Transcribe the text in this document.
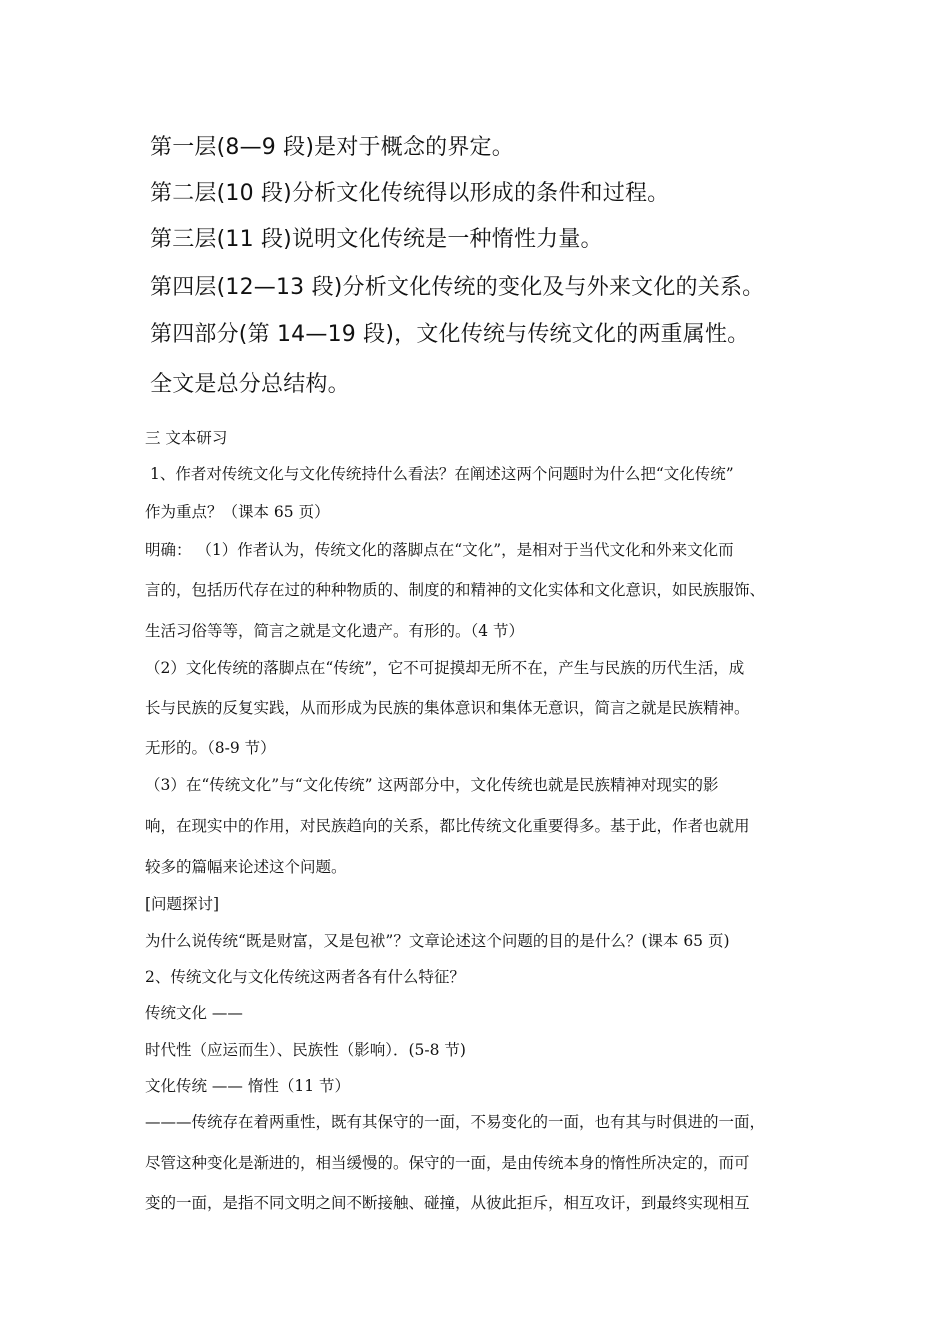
第一层(8—9 段)是对于概念的界定。
第二层(10 段)分析文化传统得以形成的条件和过程。
第三层(11 段)说明文化传统是一种惰性力量。
第四层(12—13 段)分析文化传统的变化及与外来文化的关系。
第四部分(第 14—19 段)，文化传统与传统文化的两重属性。
全文是总分总结构。
三 文本研习
1、作者对传统文化与文化传统持什么看法？在阐述这两个问题时为什么把“文化传统”
作为重点？（课本 65 页）
明确： （1）作者认为，传统文化的落脚点在“文化”，是相对于当代文化和外来文化而
言的，包括历代存在过的种种物质的、制度的和精神的文化实体和文化意识，如民族服饰、
生活习俗等等，简言之就是文化遗产。有形的。（4 节）
（2）文化传统的落脚点在“传统”，它不可捉摸却无所不在，产生与民族的历代生活，成
长与民族的反复实践，从而形成为民族的集体意识和集体无意识，简言之就是民族精神。
无形的。（8-9 节）
（3）在“传统文化”与“文化传统” 这两部分中，文化传统也就是民族精神对现实的影
响，在现实中的作用，对民族趋向的关系，都比传统文化重要得多。基于此，作者也就用
较多的篇幅来论述这个问题。
[问题探讨]
为什么说传统“既是财富，又是包袱”？文章论述这个问题的目的是什么？(课本 65 页)
2、传统文化与文化传统这两者各有什么特征？
传统文化 ——
时代性（应运而生）、民族性（影响）．(5-8 节)
文化传统 —— 惰性（11 节）
———传统存在着两重性，既有其保守的一面，不易变化的一面，也有其与时俱进的一面，
尽管这种变化是渐进的，相当缓慢的。保守的一面，是由传统本身的惰性所决定的，而可
变的一面，是指不同文明之间不断接触、碰撞，从彼此拒斥，相互攻讦，到最终实现相互
